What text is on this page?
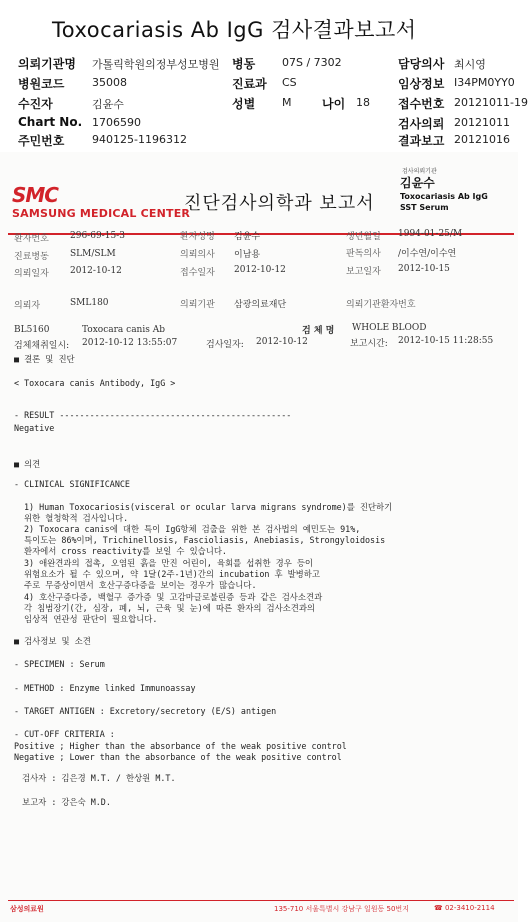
Toxocariasis Ab IgG 검사결과보고서
의뢰기관명 가톨릭학원의정부성모병원 병동 07S / 7302	담당의사 최시영
병원코드	35008	진료과 CS	임상정보 I34PM0YY0
수진자	김윤수	성별 M	나이 18 접수번호 20121011-19
Chart No. 1706590	검사의뢰 20121011
주민번호	940125-1196312	결과보고 20121016
SMC
SAMSUNG MEDICAL CENTER
진단검사의학과 보고서
검사의뢰기관
김윤수
Toxocariasis Ab IgG
SST Serum
환자번호 296-69-15-3	환자성명 김윤수	생년월일 1994-01-25/M
진료병동 SLM/SLM	의뢰의사 이남용	판독의사 /이수연/이수연
의뢰일자 2012-10-12	접수일자 2012-10-12	보고일자 2012-10-15
의뢰자	SML180	의뢰기관 삼광의료재단	의뢰기관환자번호
BL5160	Toxocara canis Ab	검 체 명 WHOLE BLOOD
검체채취일시: 2012-10-12 13:55:07	검사일자: 2012-10-12	보고시간: 2012-10-15 11:28:55
■ 결론 및 진단
< Toxocara canis Antibody, IgG >
- RESULT ----------------------------------------------
Negative
■ 의견
- CLINICAL SIGNIFICANCE
1) Human Toxocariosis(visceral or ocular larva migrans syndrome)를 진단하기
위한 혈청학적 검사입니다.
2) Toxocara canis에 대한 특이 IgG항체 검출을 위한 본 검사법의 예민도는 91%,
특이도는 86%이며, Trichinellosis, Fascioliasis, Anebiasis, Strongyloidosis
환자에서 cross reactivity를 보일 수 있습니다.
3) 애완견과의 접촉, 오염된 흙을 만진 어린이, 육회를 섭취한 경우 등이
위험요소가 될 수 있으며, 약 1달(2주-1년)간의 incubation 후 발병하고
주로 무증상이면서 호산구증다증을 보이는 경우가 많습니다.
4) 호산구증다증, 백혈구 증가증 및 고감마글로불린증 등과 같은 검사소견과
각 침범장기(간, 심장, 폐, 뇌, 근육 및 눈)에 따른 환자의 검사소견과의
임상적 연관성 판단이 필요합니다.
■ 검사정보 및 소견
- SPECIMEN : Serum
- METHOD : Enzyme linked Immunoassay
- TARGET ANTIGEN : Excretory/secretory (E/S) antigen
- CUT-OFF CRITERIA :
Positive ; Higher than the absorbance of the weak positive control
Negative ; Lower than the absorbance of the weak positive control
검사자 : 김은경 M.T. / 한상원 M.T.
보고자 : 강은숙 M.D.
삼성의료원	135-710 서울특별시 강남구 일원동 50번지	☎ 02-3410-2114
